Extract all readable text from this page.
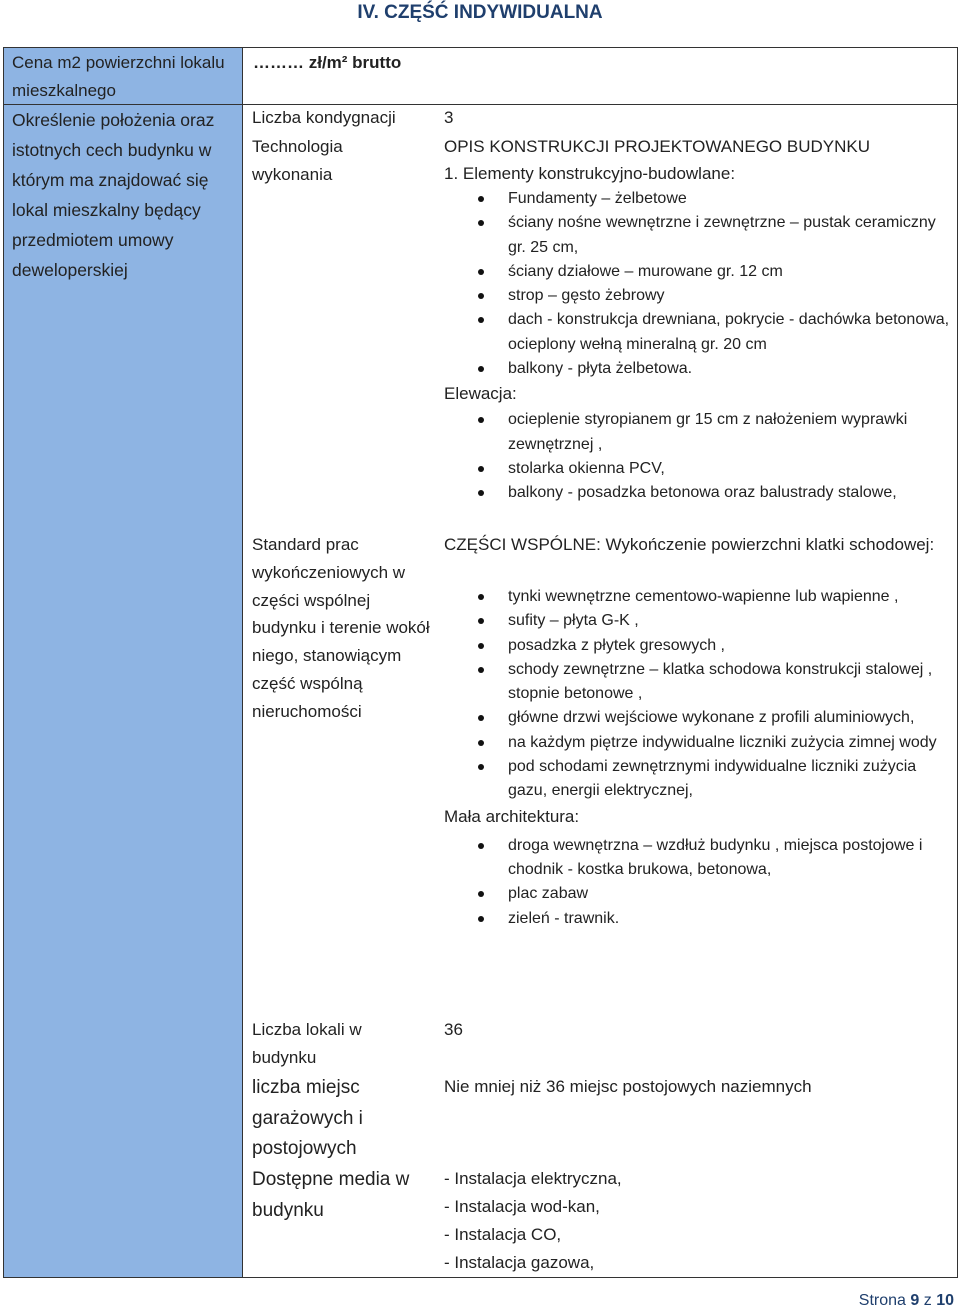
IV. CZĘŚĆ INDYWIDUALNA
Cena m2 powierzchni lokalu mieszkalnego
Określenie położenia oraz istotnych cech budynku w którym ma znajdować się lokal mieszkalny będący przedmiotem umowy deweloperskiej
……… zł/m² brutto
Liczba kondygnacji	3
Technologia wykonania
OPIS KONSTRUKCJI PROJEKTOWANEGO BUDYNKU
1. Elementy konstrukcyjno-budowlane:
Fundamenty – żelbetowe
ściany nośne wewnętrzne i zewnętrzne – pustak ceramiczny gr. 25 cm,
ściany działowe – murowane gr. 12 cm
strop – gęsto żebrowy
dach - konstrukcja drewniana, pokrycie - dachówka betonowa, ocieplony wełną mineralną gr. 20 cm
balkony - płyta żelbetowa.
Elewacja:
ocieplenie styropianem gr 15 cm z nałożeniem wyprawki zewnętrznej ,
stolarka okienna PCV,
balkony - posadzka betonowa oraz balustrady stalowe,
Standard prac wykończeniowych w części wspólnej budynku i terenie wokół niego, stanowiącym część wspólną nieruchomości
CZĘŚCI WSPÓLNE: Wykończenie powierzchni klatki schodowej:
tynki wewnętrzne cementowo-wapienne lub wapienne ,
sufity – płyta G-K ,
posadzka z płytek gresowych ,
schody zewnętrzne – klatka schodowa konstrukcji stalowej , stopnie betonowe ,
główne drzwi wejściowe wykonane z profili aluminiowych,
na każdym piętrze indywidualne liczniki zużycia zimnej wody
pod schodami zewnętrznymi indywidualne liczniki zużycia gazu, energii elektrycznej,
Mała architektura:
droga wewnętrzna – wzdłuż budynku , miejsca postojowe i chodnik - kostka brukowa, betonowa,
plac zabaw
zieleń - trawnik.
Liczba lokali w budynku
36
liczba miejsc garażowych i postojowych
Nie mniej niż 36 miejsc postojowych naziemnych
Dostępne media w budynku
- Instalacja elektryczna,
- Instalacja wod-kan,
- Instalacja CO,
- Instalacja gazowa,
Strona 9 z 10
